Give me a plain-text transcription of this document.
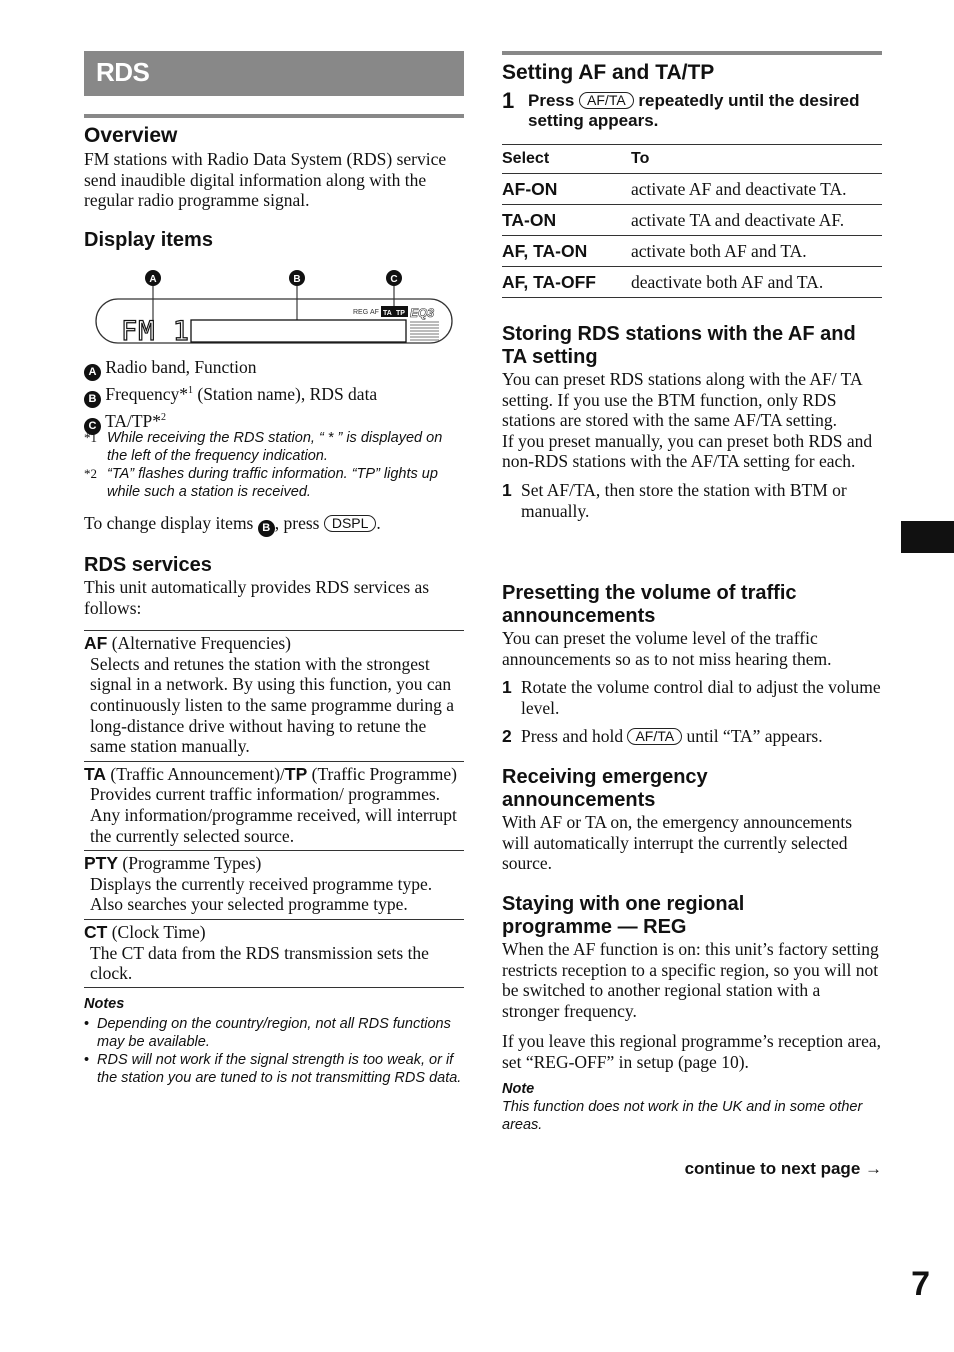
RDS
Overview

FM stations with Radio Data System (RDS) service send inaudible digital information along with the regular radio programme signal.

Display items
A	B	C
FM 1
REG AF TA TP EQ3
A Radio band, Function
B Frequency*$^1$ (Station name), RDS data
C TA/TP*$^2$
*1 While receiving the RDS station, “ * ” is displayed on the left of the frequency indication.
*2 “TA” flashes during traffic information. “TP” lights up while such a station is received.
To change display items B , press DSPL .
RDS services

This unit automatically provides RDS services as follows:

AF (Alternative Frequencies)

Selects and retunes the station with the strongest signal in a network. By using this function, you can continuously listen to the same programme during a long-distance drive without having to retune the same station manually.

TA (Traffic Announcement)/TP (Traffic Programme)

Provides current traffic information/ programmes. Any information/programme received, will interrupt the currently selected source.

PTY (Programme Types)

Displays the currently received programme type. Also searches your selected programme type.

CT (Clock Time)

The CT data from the RDS transmission sets the clock.

Notes
• Depending on the country/region, not all RDS functions may be available.
• RDS will not work if the signal strength is too weak, or if the station you are tuned to is not transmitting RDS data.
Setting AF and TA/TP
1 Press AF/TA repeatedly until the desired setting appears.
Select	To
AF-ON	activate AF and deactivate TA.
TA-ON	activate TA and deactivate AF.
AF, TA-ON	activate both AF and TA.
AF, TA-OFF	deactivate both AF and TA.
Storing RDS stations with the AF and TA setting

You can preset RDS stations along with the AF/ TA setting. If you use the BTM function, only RDS stations are stored with the same AF/TA setting.

If you preset manually, you can preset both RDS and non-RDS stations with the AF/TA setting for each.

1 Set AF/TA, then store the station with BTM or manually.
Presetting the volume of traffic announcements

You can preset the volume level of the traffic announcements so as to not miss hearing them.

1 Rotate the volume control dial to adjust the volume level.
2 Press and hold AF/TA until “TA” appears.
Receiving emergency announcements

With AF or TA on, the emergency announcements will automatically interrupt the currently selected source.

Staying with one regional programme — REG

When the AF function is on: this unit’s factory setting restricts reception to a specific region, so you will not be switched to another regional station with a stronger frequency.

If you leave this regional programme’s reception area, set “REG-OFF” in setup (page 10).

Note
This function does not work in the UK and in some other areas.
continue to next page →
7
